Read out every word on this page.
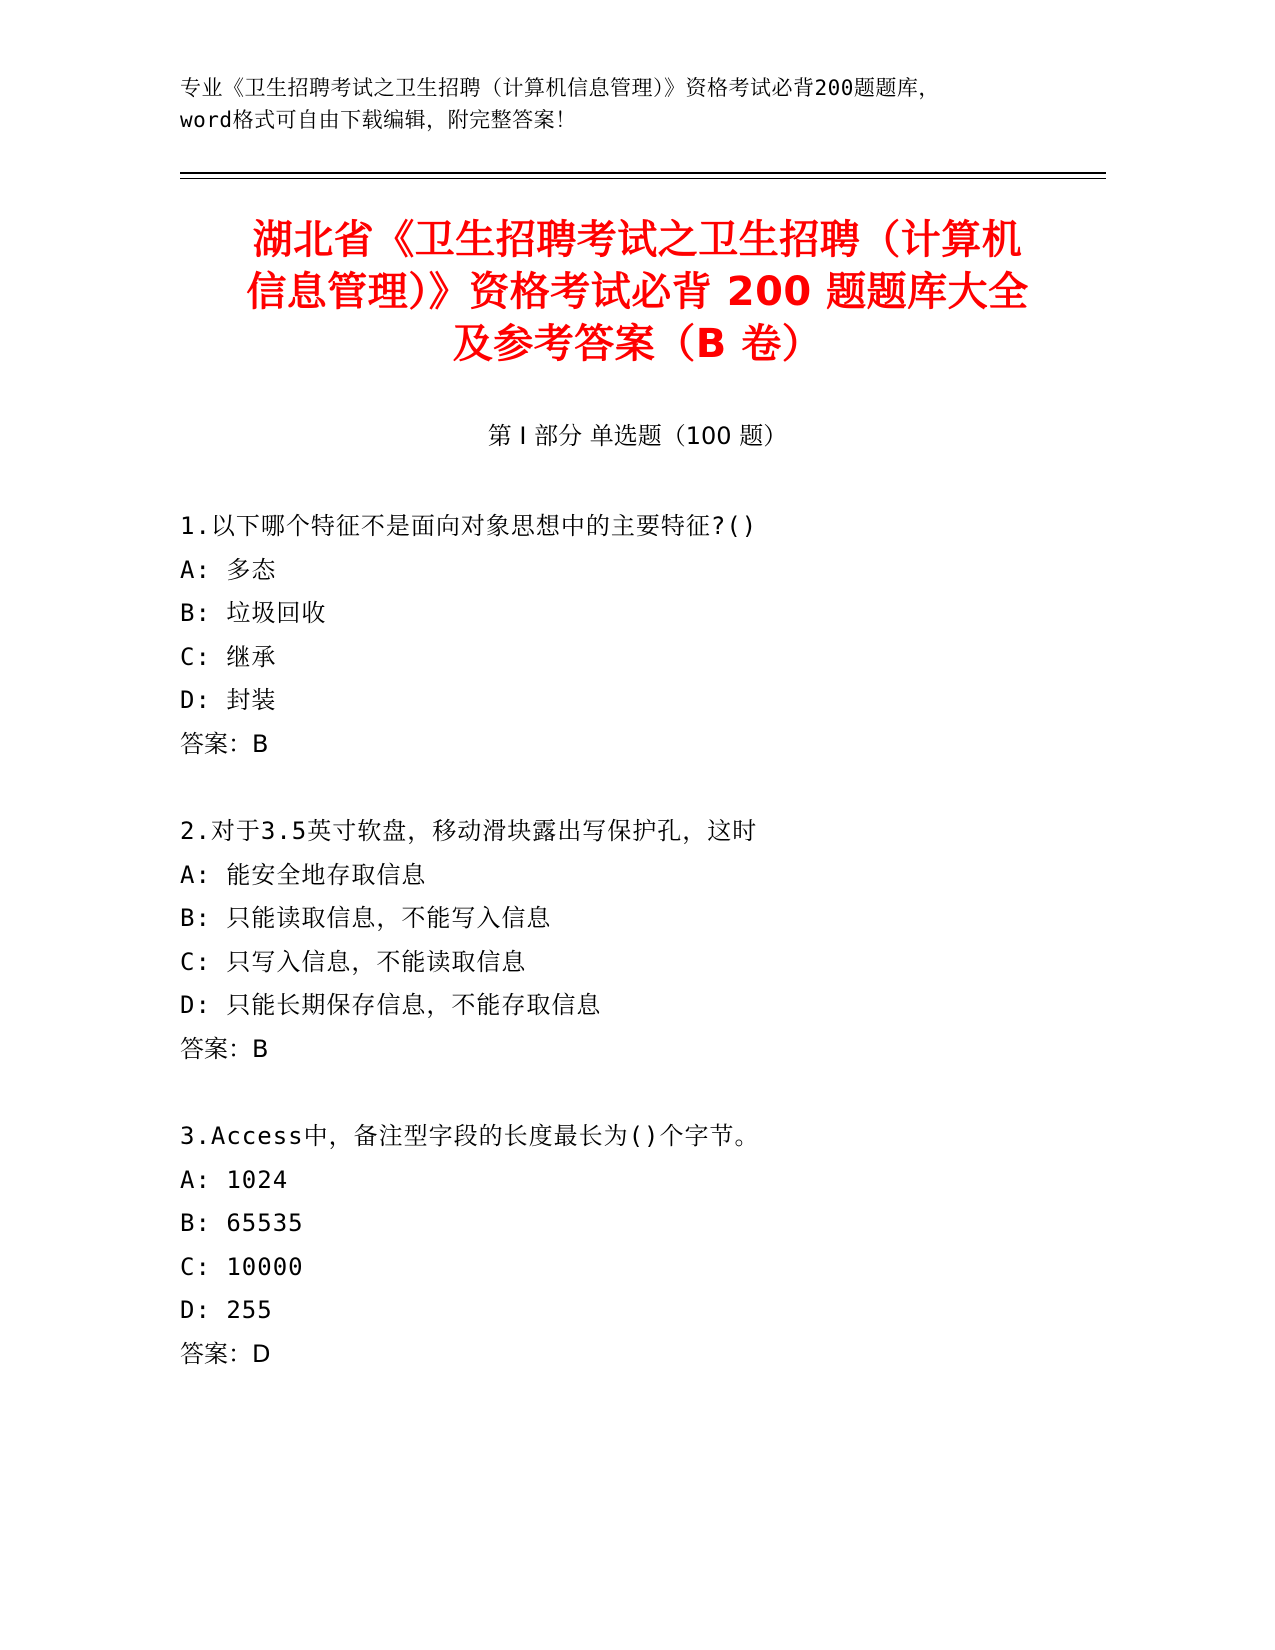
专业《卫生招聘考试之卫生招聘（计算机信息管理）》资格考试必背200题题库，
word格式可自由下载编辑，附完整答案！
湖北省《卫生招聘考试之卫生招聘（计算机
信息管理）》资格考试必背 200 题题库大全
及参考答案（B 卷）
第 I 部分 单选题（100 题）
1.以下哪个特征不是面向对象思想中的主要特征?()
A: 多态
B: 垃圾回收
C: 继承
D: 封装
答案：B
2.对于3.5英寸软盘，移动滑块露出写保护孔，这时
A: 能安全地存取信息
B: 只能读取信息，不能写入信息
C: 只写入信息，不能读取信息
D: 只能长期保存信息，不能存取信息
答案：B
3.Access中，备注型字段的长度最长为()个字节。
A: 1024
B: 65535
C: 10000
D: 255
答案：D
